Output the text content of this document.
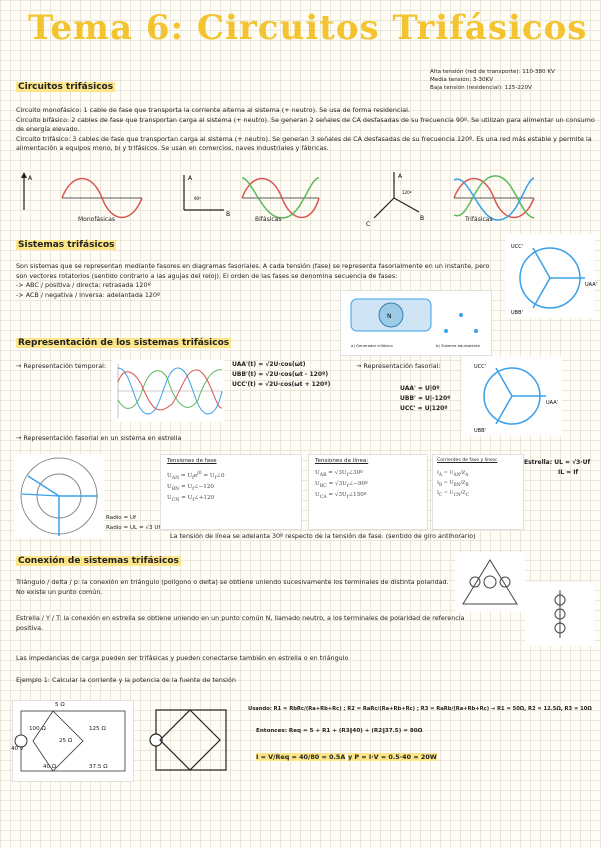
Tema 6: Circuitos Trifásicos
Alta tensión (red de transporte): 110-380 KV
Media tensión: 3-30KV
Baja tensión (residencial): 125-220V
Circuitos trifásicos
Circuito monofásico: 1 cable de fase que transporta la corriente alterna al sistema (+ neutro). Se usa de forma residencial.
Circuito bifásico: 2 cables de fase que transportan carga al sistema (+ neutro). Se generan 2 señales de CA desfasadas de su frecuencia 90º. Se utilizan para alimentar un consumo de energía elevado.
Circuito trifásico: 3 cables de fase que transportan carga al sistema (+ neutro). Se generan 3 señales de CA desfasadas de su frecuencia 120º. Es una red más estable y permite la alimentación a equipos mono, bi y trifásicos. Se usan en comercios, naves industriales y fábricas.
A	A
B
90º
A
C
B
120º
Monofásicas	Bifásicas	Trifásicas
Sistemas trifásicos
Son sistemas que se representan mediante fasores en diagramas fasoriales. A cada tensión (fase) se representa fasorialmente en un instante, pero son vectores rotatorios (sentido contrario a las agujas del reloj). El orden de las fases se denomina secuencia de fases:
-> ABC / positiva / directa: retrasada 120º
-> ACB / negativa / inversa: adelantada 120º
UCC'
UAA'
UBB'
N
a) Generador trifásico	b) Sistema equivalente
Representación de los sistemas trifásicos
→ Representación temporal:	UAA'(t) = √2U·cos(ωt)
UBB'(t) = √2U·cos(ωt - 120º)
UCC'(t) = √2U·cos(ωt + 120º)
→ Representación fasorial:
UAA' = U|0º
UBB' = U|-120º
UCC' = U|120º
UCC'
UAA'
UBB'
→ Representación fasorial en un sistema en estrella
Radio = Uf
Radio = UL = √3 Uf
Tensiones de fase
$U_{AN} = U_fe^{j0}$ = $U_f\angle 0$
$U_{BN}$ = $U_f\angle-120$
$U_{CN}$ = $U_f\angle+120$
Tensiones de línea:
$U_{AB}$ = $√3U_f\angle 30º$
$U_{BC}$ = $√3U_f\angle-90º$
$U_{CA}$ = $√3U_f\angle 150º$
Corrientes de fase y línea:
$I_A = U_{AN}/Z_A$
$I_B = U_{BN}/Z_B$
$I_C = U_{CN}/Z_C$
Estrella: UL = √3·Uf
IL = If
La tensión de línea se adelanta 30º respecto de la tensión de fase. (sentido de giro antihorario)
Conexión de sistemas trifásicos
Triángulo / delta / p: la conexión en triángulo (polígono o delta) se obtiene uniendo sucesivamente los terminales de distinta polaridad. No existe un punto común.
Estrella / Y / T: la conexión en estrella se obtiene uniendo en un punto común N, llamado neutro, a los terminales de polaridad de referencia positiva.
Las impedancias de carga pueden ser trifásicas y pueden conectarse también en estrella o en triángulo
Ejemplo 1: Calcular la corriente y la potencia de la fuente de tensión
5 Ω
100 Ω	125 Ω
25 Ω
40 V
40 Ω	37.5 Ω
Usando: R1 = RbRc/(Ra+Rb+Rc) ; R2 = RaRc/(Ra+Rb+Rc) ; R3 = RaRb/(Ra+Rb+Rc) → R1 = 50Ω, R2 = 12.5Ω, R3 = 10Ω
Entonces: Req = 5 + R1 + (R3‖40) + (R2‖37.5) = 80Ω
I = V/Req = 40/80 = 0.5A y P = I·V = 0.5·40 = 20W
